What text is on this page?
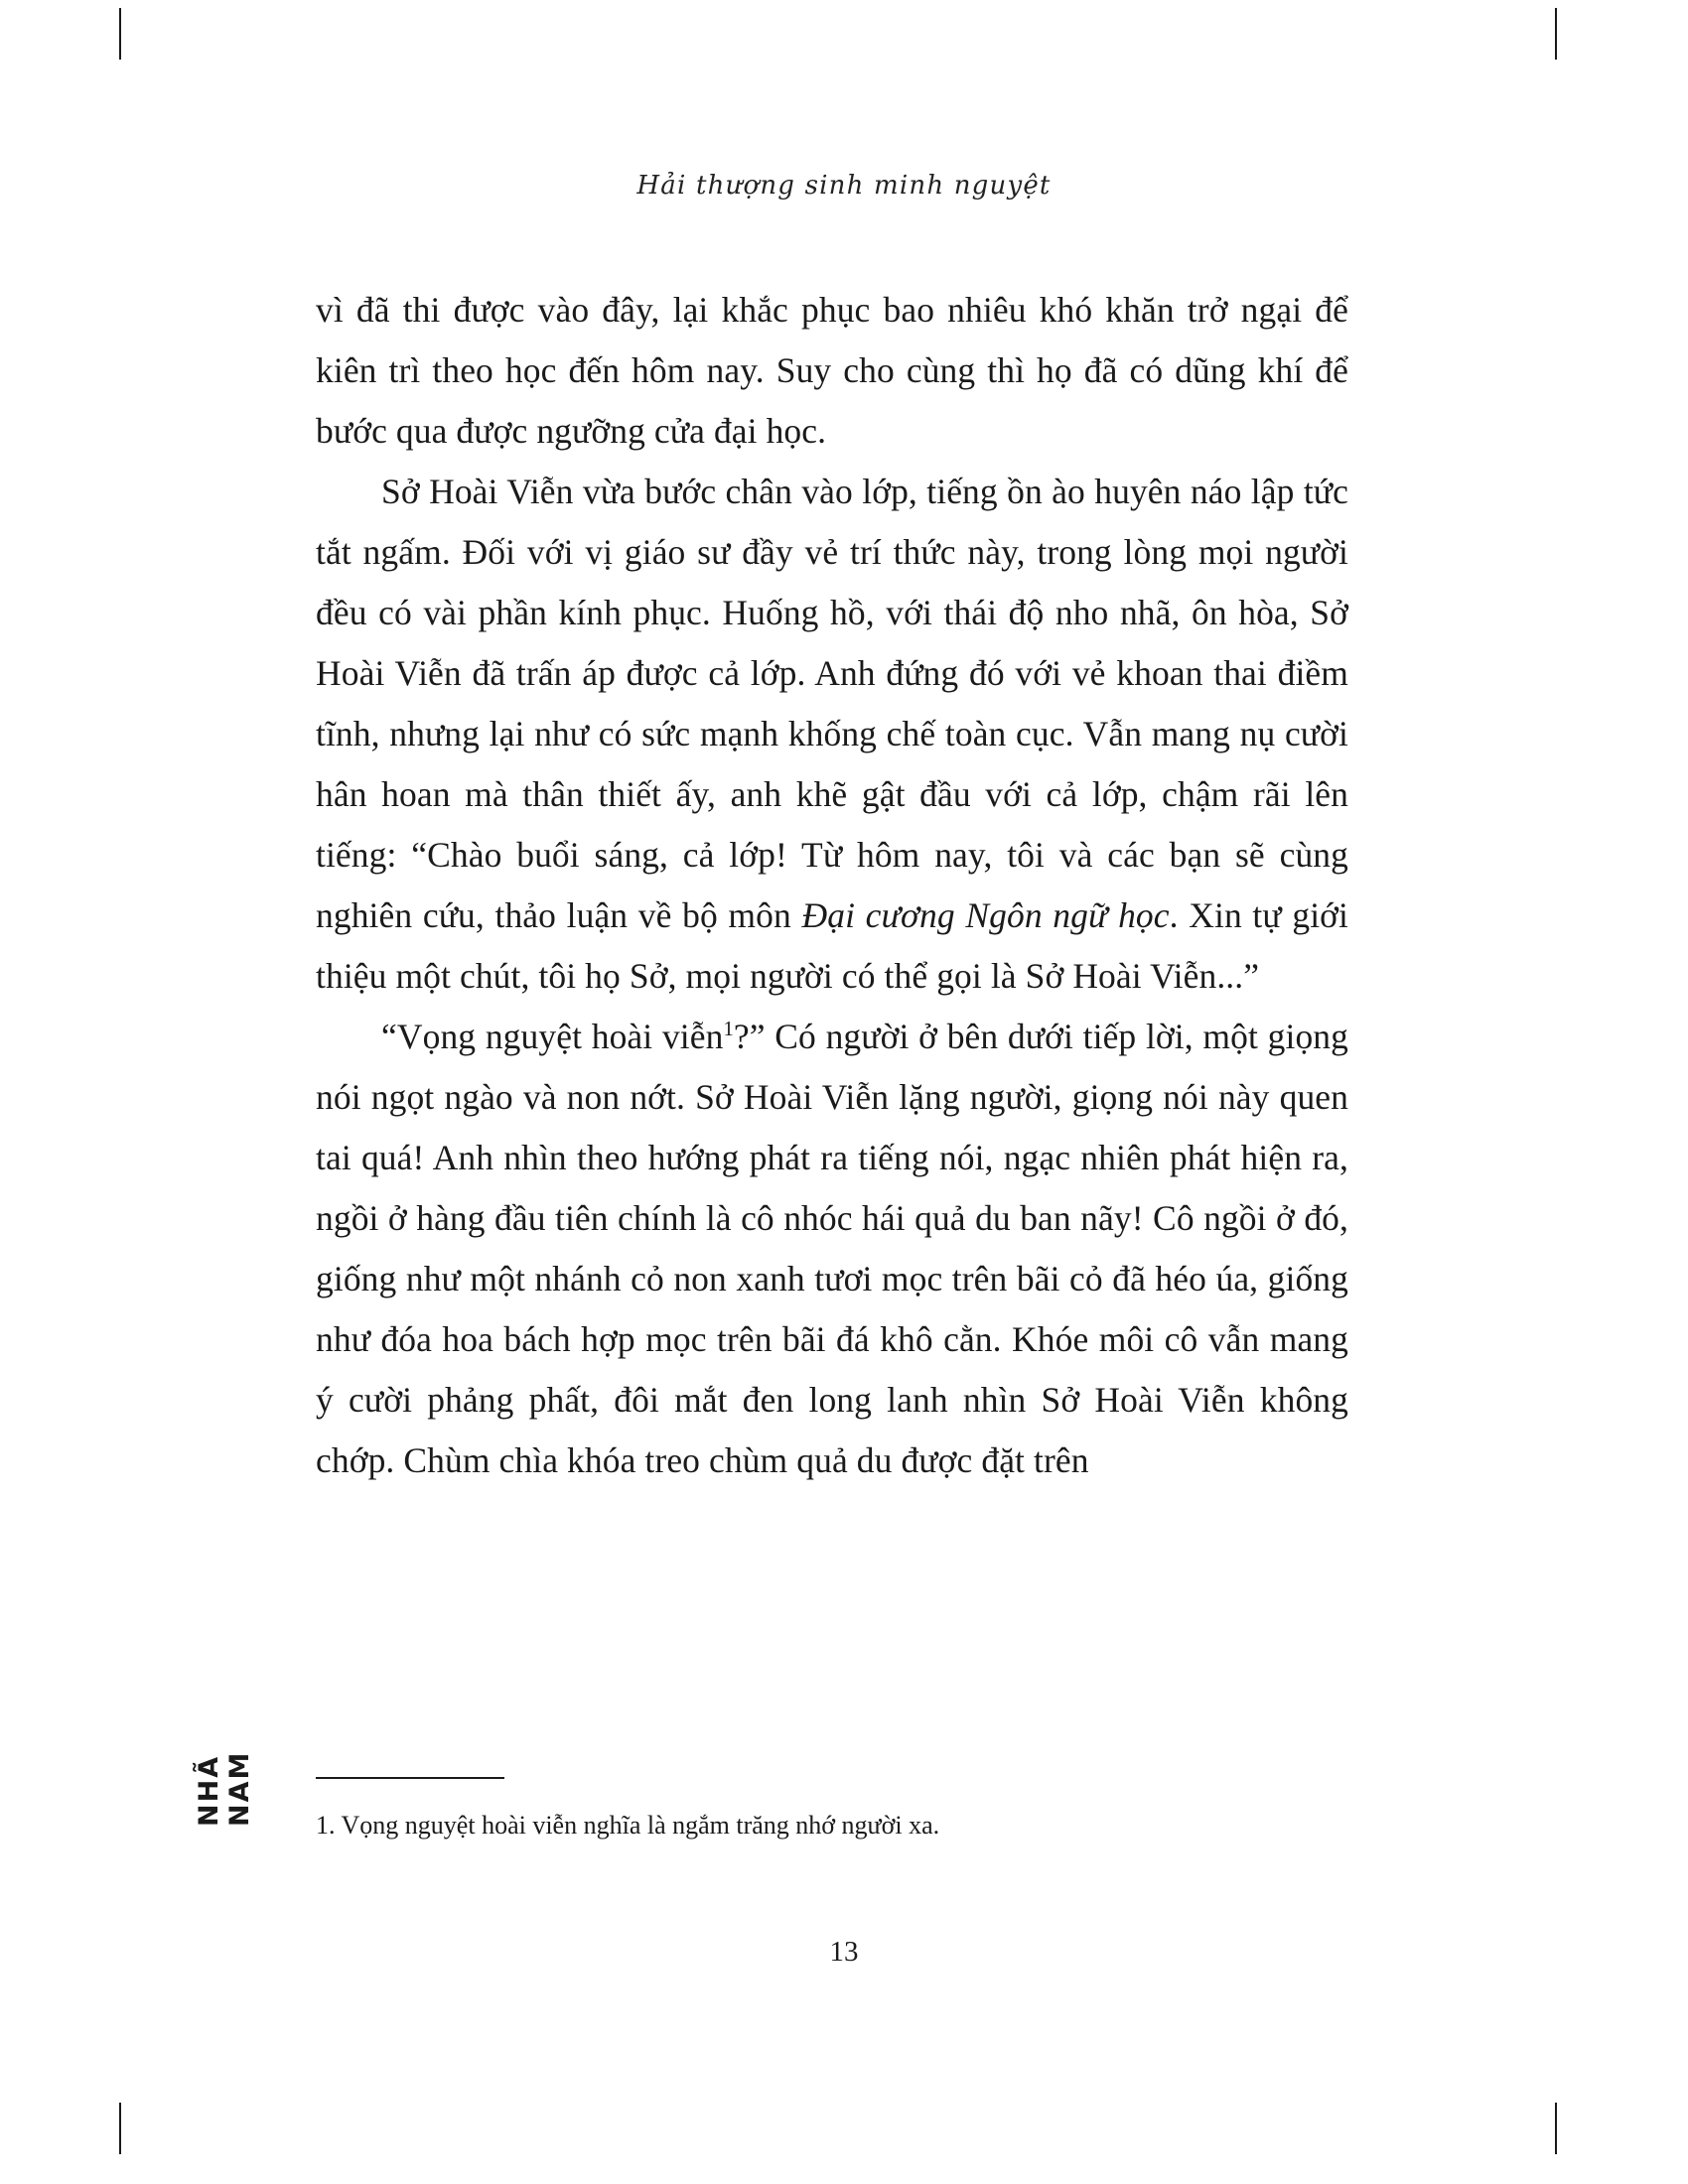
Hải thượng sinh minh nguyệt

vì đã thi được vào đây, lại khắc phục bao nhiêu khó khăn trở ngại để kiên trì theo học đến hôm nay. Suy cho cùng thì họ đã có dũng khí để bước qua được ngưỡng cửa đại học.

Sở Hoài Viễn vừa bước chân vào lớp, tiếng ồn ào huyên náo lập tức tắt ngấm. Đối với vị giáo sư đầy vẻ trí thức này, trong lòng mọi người đều có vài phần kính phục. Huống hồ, với thái độ nho nhã, ôn hòa, Sở Hoài Viễn đã trấn áp được cả lớp. Anh đứng đó với vẻ khoan thai điềm tĩnh, nhưng lại như có sức mạnh khống chế toàn cục. Vẫn mang nụ cười hân hoan mà thân thiết ấy, anh khẽ gật đầu với cả lớp, chậm rãi lên tiếng: “Chào buổi sáng, cả lớp! Từ hôm nay, tôi và các bạn sẽ cùng nghiên cứu, thảo luận về bộ môn Đại cương Ngôn ngữ học. Xin tự giới thiệu một chút, tôi họ Sở, mọi người có thể gọi là Sở Hoài Viễn...”

“Vọng nguyệt hoài viễn$^1$?” Có người ở bên dưới tiếp lời, một giọng nói ngọt ngào và non nớt. Sở Hoài Viễn lặng người, giọng nói này quen tai quá! Anh nhìn theo hướng phát ra tiếng nói, ngạc nhiên phát hiện ra, ngồi ở hàng đầu tiên chính là cô nhóc hái quả du ban nãy! Cô ngồi ở đó, giống như một nhánh cỏ non xanh tươi mọc trên bãi cỏ đã héo úa, giống như đóa hoa bách hợp mọc trên bãi đá khô cằn. Khóe môi cô vẫn mang ý cười phảng phất, đôi mắt đen long lanh nhìn Sở Hoài Viễn không chớp. Chùm chìa khóa treo chùm quả du được đặt trên

1. Vọng nguyệt hoài viễn nghĩa là ngắm trăng nhớ người xa.
13
NHÃ NAM
